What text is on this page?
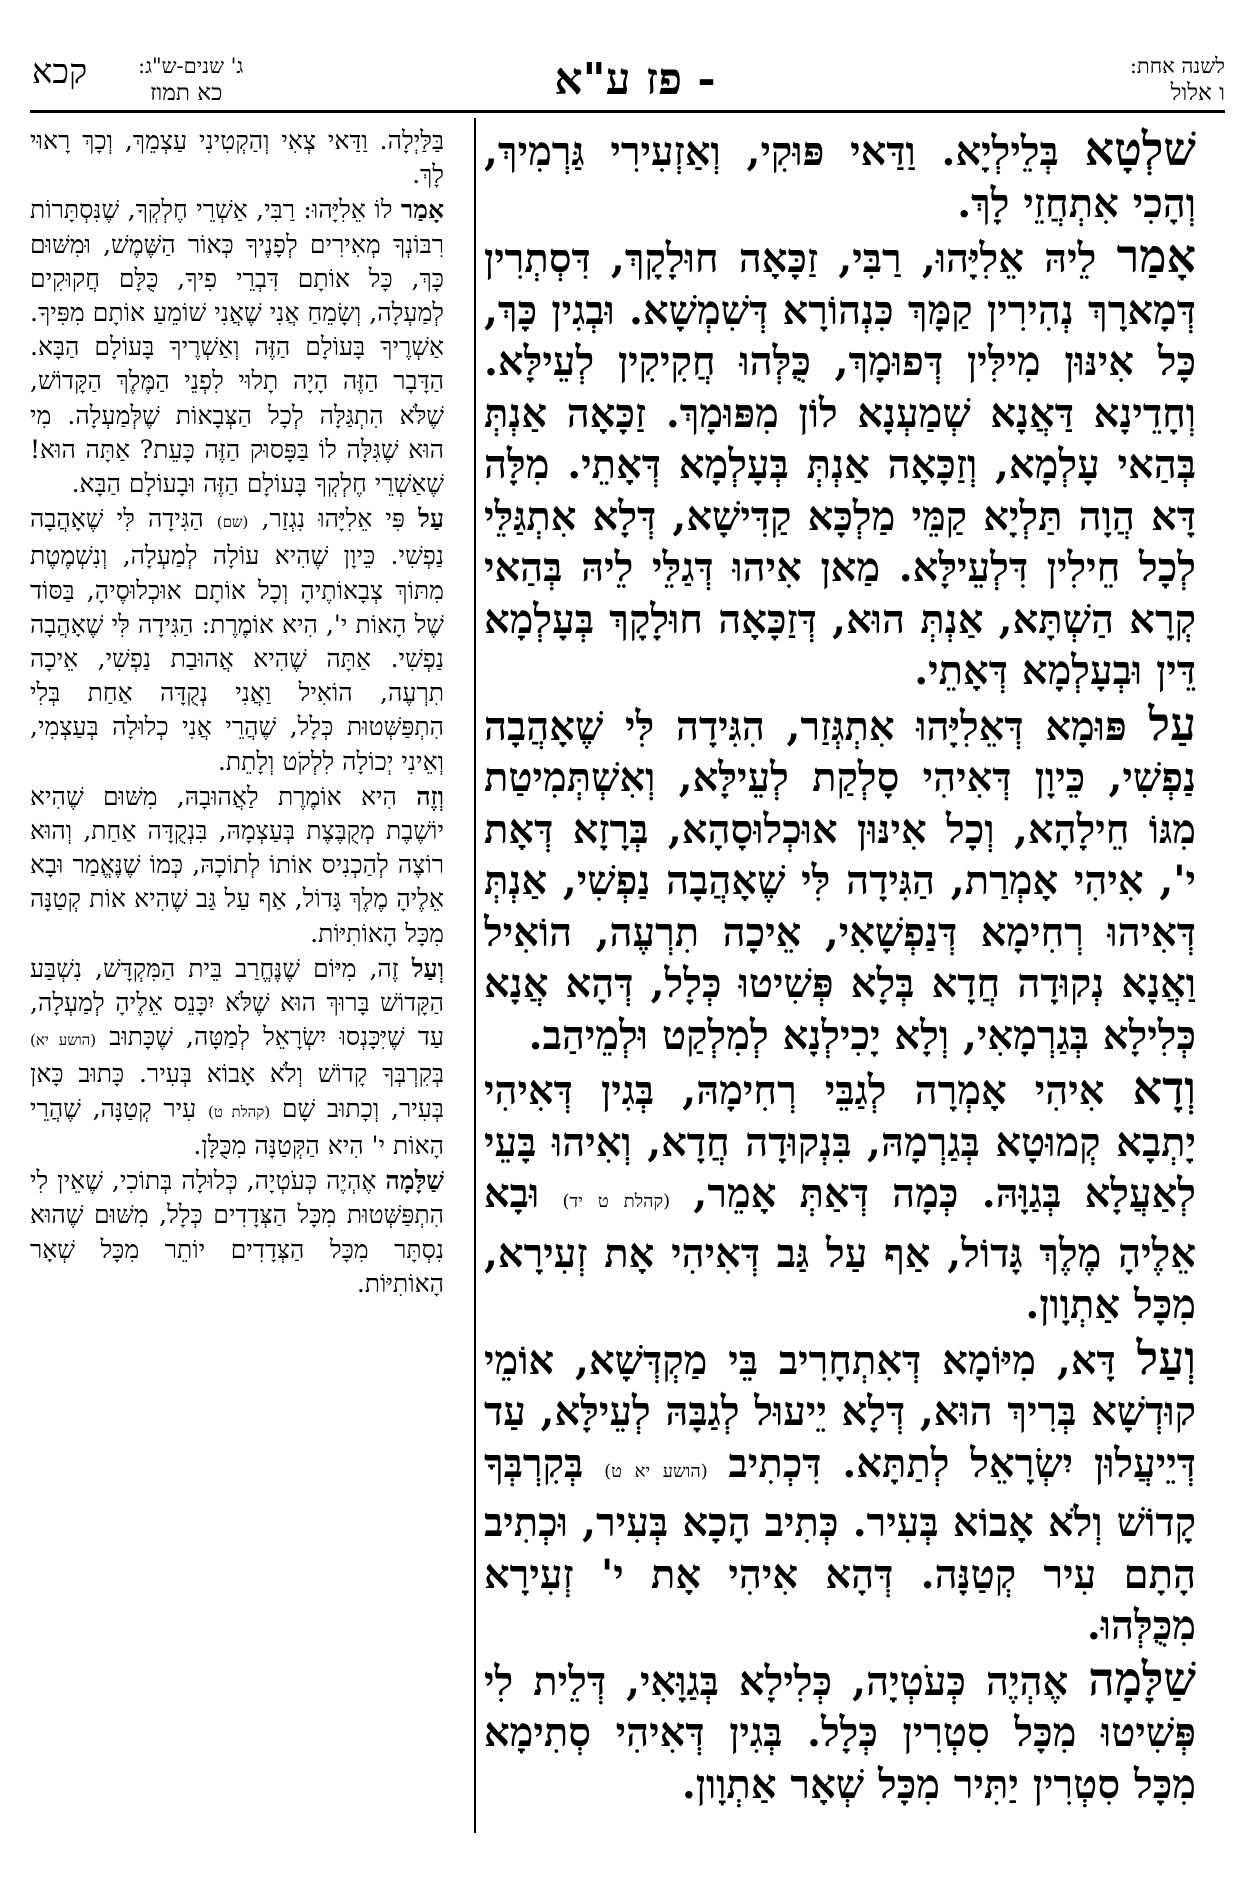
לשנה אחת:
ו אלול
- פז ע"א
ג' שנים-ש"ג:
כא תמוז
קכא

שׁלְטָא בְּלֵילְיָא. וַדַּאי פּוּקִי, וְאַזְעִירִי גַּרְמִיךְ, וְהָכִי אִתְחֲזֵי לָךְ.

אָמַר לֵיהּ אֵלִיָּהוּ, רַבִּי, זַכָּאָה חוּלָקָךְ, דִּסְתְרִין דְּמָארָךְ נְהִירִין קַמָּךְ כִּנְהוֹרָא דְּשִׁמְשָׁא. וּבְגִין כָּךְ, כָּל אִינּוּן מִילִּין דְּפוּמָךְ, כֻּלְּהוּ חֲקִיקִין לְעֵילָּא. וְחָדֵינָא דַּאֲנָא שְׁמַעְנָא לוֹן מִפּוּמָךְ. זַכָּאָה אַנְתְּ בְּהַאי עָלְמָא, וְזַכָּאָה אַנְתְּ בְּעָלְמָא דְּאָתֵי. מִלָּה דָּא הֲוָה תַּלְיָא קַמֵּי מַלְכָּא קַדִּישָׁא, דְּלָא אִתְגַּלֵּי לְכָל חֵילִין דִּלְעֵילָּא. מַאן אִיהוּ דְּגַלֵּי לֵיהּ בְּהַאי קְרָא הַשְׁתָּא, אַנְתְּ הוּא, דְּזַכָּאָה חוּלָקָךְ בְּעָלְמָא דֵּין וּבְעָלְמָא דְּאָתֵי.

עַל פּוּמָא דְּאֵלִיָּהוּ אִתְגְּזַר, הִגִּידָה לִּי שֶׁאָהֲבָה נַפְשִׁי, כֵּיוָן דְּאִיהִי סָלְקַת לְעֵילָּא, וְאִשְׁתְּמִיטַת מִגּוֹ חֵילָהָא, וְכָל אִינּוּן אוּכְלוּסָהָא, בְּרָזָא דְּאָת י', אִיהִי אָמְרַת, הַגִּידָה לִּי שֶׁאָהֲבָה נַפְשִׁי, אַנְתְּ דְּאִיהוּ רְחִימָא דְּנַפְשָׁאִי, אֵיכָה תִרְעֶה, הוֹאִיל וַאֲנָא נְקוּדָה חֲדָא בְּלָא פְּשִׁיטוּ כְּלָל, דְּהָא אֲנָא כְּלִילָא בְּגַרְמָאִי, וְלָא יָכִילְנָא לְמִלְקַט וּלְמֵיהַב.

וְדָא אִיהִי אָמְרָה לְגַבֵּי רְחִימָהּ, בְּגִין דְּאִיהִי יָתְבָא קְמוּטָא בְּגַרְמָהּ, בִּנְקוּדָה חֲדָא, וְאִיהוּ בָּעֵי לְאַעֲלָא בְּגַוָּהּ. כְּמָה דְּאַתְּ אָמֵר, (קהלת ט יד) וּבָא אֵלֶיהָ מֶלֶךְ גָּדוֹל, אַף עַל גַּב דְּאִיהִי אָת זְעִירָא, מִכָּל אַתְוָון.

וְעַל דָּא, מִיּוֹמָא דְּאִתְחָרִיב בֵּי מַקְדְּשָׁא, אוֹמֵי קוּדְשָׁא בְּרִיךְ הוּא, דְּלָא יֵיעוּל לְגַבָּהּ לְעֵילָּא, עַד דְּיֵיעֲלוּן יִשְׂרָאֵל לְתַתָּא. דִּכְתִיב (הושע יא ט) בְּקִרְבְּךָ קָדוֹשׁ וְלֹא אָבוֹא בְּעִיר. כְּתִיב הָכָא בְּעִיר, וּכְתִיב הָתָם עִיר קְטַנָּה. דְּהָא אִיהִי אָת י' זְעִירָא מִכֻּלְּהוּ.

שַׁלָּמָה אֶהְיֶה כְּעֹטְיָה, כְּלִילָא בְּגַוָּאִי, דְּלֵית לִי פְּשִׁיטוּ מִכָּל סִטְרִין כְּלָל. בְּגִין דְּאִיהִי סְתִימָא מִכָּל סִטְרִין יַתִּיר מִכָּל שְׁאָר אַתְוָון.

בַּלַּיְלָה. וַדַּאי צְאִי וְהַקְטִינִי עַצְמֵךְ, וְכָךְ רָאוּי לָךְ.

אָמַר לוֹ אֵלִיָּהוּ: רַבִּי, אַשְׁרֵי חֶלְקְךָ, שֶׁנִּסְתָּרוֹת רִבּוֹנְךָ מְאִירִים לְפָנֶיךָ כְּאוֹר הַשֶּׁמֶשׁ, וּמִשּׁוּם כָּךְ, כָּל אוֹתָם דִּבְרֵי פִיךָ, כֻּלָּם חֲקוּקִים לְמַעְלָה, וְשָׂמֵחַ אֲנִי שֶׁאֲנִי שׁוֹמֵעַ אוֹתָם מִפִּיךָ. אַשְׁרֶיךָ בָּעוֹלָם הַזֶּה וְאַשְׁרֶיךָ בָּעוֹלָם הַבָּא. הַדָּבָר הַזֶּה הָיָה תָלוּי לִפְנֵי הַמֶּלֶךְ הַקָּדוֹשׁ, שֶׁלֹּא הִתְגַּלָּה לְכָל הַצְּבָאוֹת שֶׁלְּמַעְלָה. מִי הוּא שֶׁגִּלָּה לוֹ בַּפָּסוּק הַזֶּה כָּעֵת? אַתָּה הוּא! שֶׁאַשְׁרֵי חֶלְקְךָ בָּעוֹלָם הַזֶּה וּבָעוֹלָם הַבָּא.

עַל פִּי אֵלִיָּהוּ נִגְזַר, (שם) הַגִּידָה לִּי שֶׁאָהֲבָה נַפְשִׁי. כֵּיוָן שֶׁהִיא עוֹלָה לְמַעְלָה, וְנִשְׁמֶטֶת מִתּוֹךְ צְבָאוֹתֶיהָ וְכָל אוֹתָם אוּכְלוּסֶיהָ, בַּסּוֹד שֶׁל הָאוֹת י', הִיא אוֹמֶרֶת: הַגִּידָה לִּי שֶׁאָהֲבָה נַפְשִׁי. אַתָּה שֶׁהִיא אֲהוּבַת נַפְשִׁי, אֵיכָה תִרְעֶה, הוֹאִיל וַאֲנִי נְקֻדָּה אַחַת בְּלִי הִתְפַּשְּׁטוּת כְּלָל, שֶׁהֲרֵי אֲנִי כְלוּלָה בְּעַצְמִי, וְאֵינִי יְכוֹלָה לִלְקֹט וְלָתֵת.

וְזֶה הִיא אוֹמֶרֶת לַאֲהוּבָהּ, מִשּׁוּם שֶׁהִיא יוֹשֶׁבֶת מְקֻבֶּצֶת בְּעַצְמָהּ, בִּנְקֻדָּה אַחַת, וְהוּא רוֹצֶה לְהַכְנִיס אוֹתוֹ לְתוֹכָהּ, כְּמוֹ שֶׁנֶּאֱמַר וּבָא אֵלֶיהָ מֶלֶךְ גָּדוֹל, אַף עַל גַּב שֶׁהִיא אוֹת קְטַנָּה מִכָּל הָאוֹתִיּוֹת.

וְעַל זֶה, מִיּוֹם שֶׁנֶּחֱרַב בֵּית הַמִּקְדָּשׁ, נִשְׁבַּע הַקָּדוֹשׁ בָּרוּךְ הוּא שֶׁלֹּא יִכָּנֵס אֵלֶיהָ לְמַעְלָה, עַד שֶׁיִּכָּנְסוּ יִשְׂרָאֵל לְמַטָּה, שֶׁכָּתוּב (הושע יא) בְּקִרְבְּךָ קָדוֹשׁ וְלֹא אָבוֹא בְּעִיר. כָּתוּב כָּאן בְּעִיר, וְכָתוּב שָׁם (קהלת ט) עִיר קְטַנָּה, שֶׁהֲרֵי הָאוֹת י' הִיא הַקְּטַנָּה מִכֻּלָּן.

שַׁלָּמָה אֶהְיֶה כְּעֹטְיָה, כְּלוּלָה בְּתוֹכִי, שֶׁאֵין לִי הִתְפַּשְּׁטוּת מִכָּל הַצְּדָדִים כְּלָל, מִשּׁוּם שֶׁהוּא נִסְתָּר מִכָּל הַצְּדָדִים יוֹתֵר מִכָּל שְׁאָר הָאוֹתִיּוֹת.
